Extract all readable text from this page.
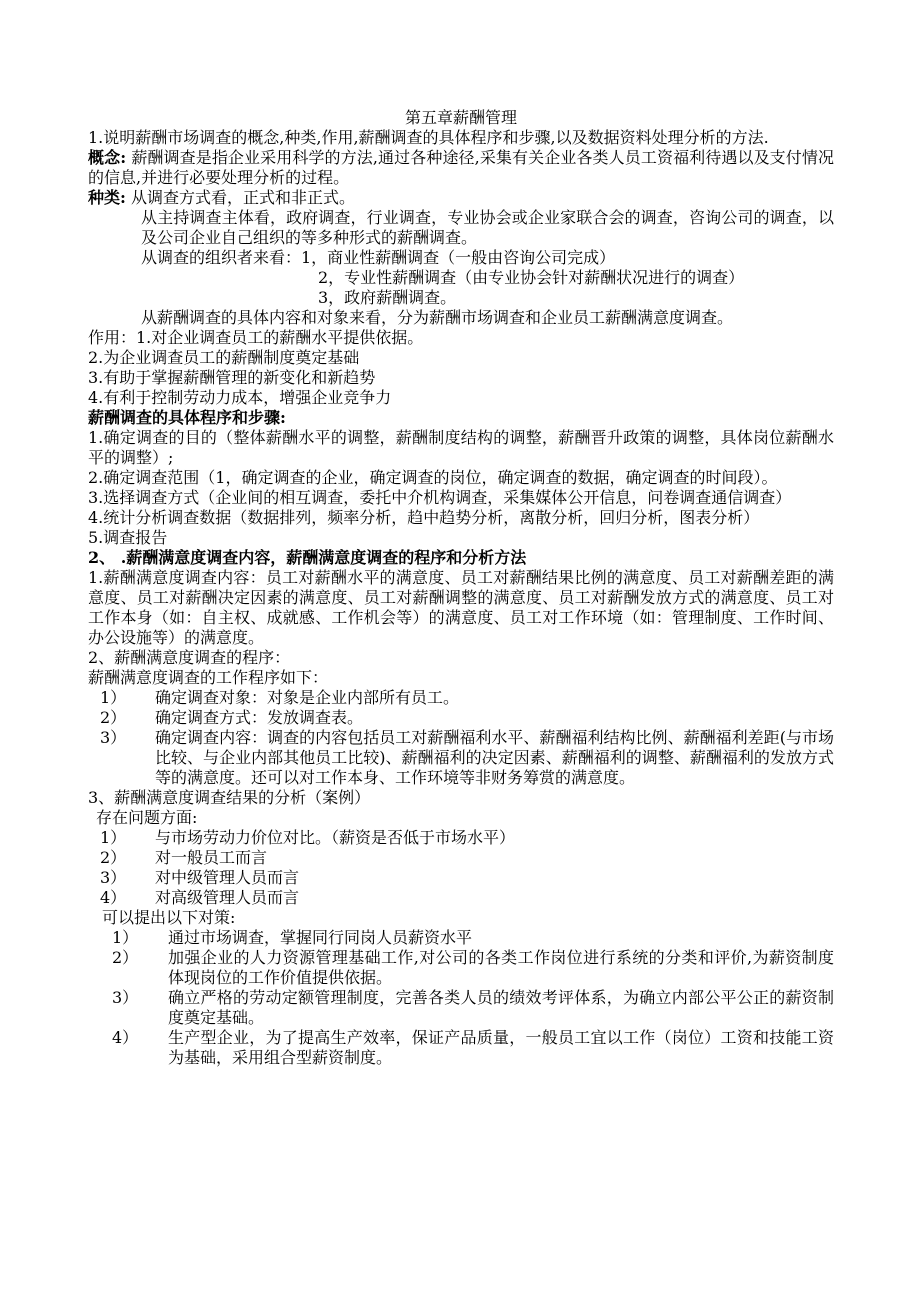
第五章薪酬管理

1.说明薪酬市场调查的概念,种类,作用,薪酬调查的具体程序和步骤,以及数据资料处理分析的方法.

概念: 薪酬调查是指企业采用科学的方法,通过各种途径,采集有关企业各类人员工资福利待遇以及支付情况的信息,并进行必要处理分析的过程。

种类: 从调查方式看，正式和非正式。

从主持调查主体看，政府调查，行业调查，专业协会或企业家联合会的调查，咨询公司的调查，以及公司企业自己组织的等多种形式的薪酬调查。

从调查的组织者来看：1，商业性薪酬调查（一般由咨询公司完成）

2，专业性薪酬调查（由专业协会针对薪酬状况进行的调查）

3，政府薪酬调查。

从薪酬调查的具体内容和对象来看，分为薪酬市场调查和企业员工薪酬满意度调查。

作用：1.对企业调查员工的薪酬水平提供依据。

2.为企业调查员工的薪酬制度奠定基础

3.有助于掌握薪酬管理的新变化和新趋势

4.有利于控制劳动力成本，增强企业竞争力

薪酬调查的具体程序和步骤:

1.确定调查的目的（整体薪酬水平的调整，薪酬制度结构的调整，薪酬晋升政策的调整，具体岗位薪酬水平的调整）;

2.确定调查范围（1，确定调查的企业，确定调查的岗位，确定调查的数据，确定调查的时间段）。

3.选择调查方式（企业间的相互调查，委托中介机构调查，采集媒体公开信息，问卷调查通信调查）

4.统计分析调查数据（数据排列，频率分析，趋中趋势分析，离散分析，回归分析，图表分析）

5.调查报告

2、 .薪酬满意度调查内容，薪酬满意度调查的程序和分析方法

1.薪酬满意度调查内容：员工对薪酬水平的满意度、员工对薪酬结果比例的满意度、员工对薪酬差距的满意度、员工对薪酬决定因素的满意度、员工对薪酬调整的满意度、员工对薪酬发放方式的满意度、员工对工作本身（如：自主权、成就感、工作机会等）的满意度、员工对工作环境（如：管理制度、工作时间、办公设施等）的满意度。

2、薪酬满意度调查的程序：

薪酬满意度调查的工作程序如下：

1）	确定调查对象：对象是企业内部所有员工。
2）	确定调查方式：发放调查表。
3）	确定调查内容：调查的内容包括员工对薪酬福利水平、薪酬福利结构比例、薪酬福利差距(与市场比较、与企业内部其他员工比较)、薪酬福利的决定因素、薪酬福利的调整、薪酬福利的发放方式等的满意度。还可以对工作本身、工作环境等非财务筹赏的满意度。

3、薪酬满意度调查结果的分析（案例）

存在问题方面:

1）	与市场劳动力价位对比。（薪资是否低于市场水平）
2）	对一般员工而言
3）	对中级管理人员而言
4）	对高级管理人员而言

可以提出以下对策:

1）	通过市场调查，掌握同行同岗人员薪资水平
2）	加强企业的人力资源管理基础工作,对公司的各类工作岗位进行系统的分类和评价,为薪资制度体现岗位的工作价值提供依据。
3）	确立严格的劳动定额管理制度，完善各类人员的绩效考评体系，为确立内部公平公正的薪资制度奠定基础。
4）	生产型企业，为了提高生产效率，保证产品质量，一般员工宜以工作（岗位）工资和技能工资为基础，采用组合型薪资制度。
